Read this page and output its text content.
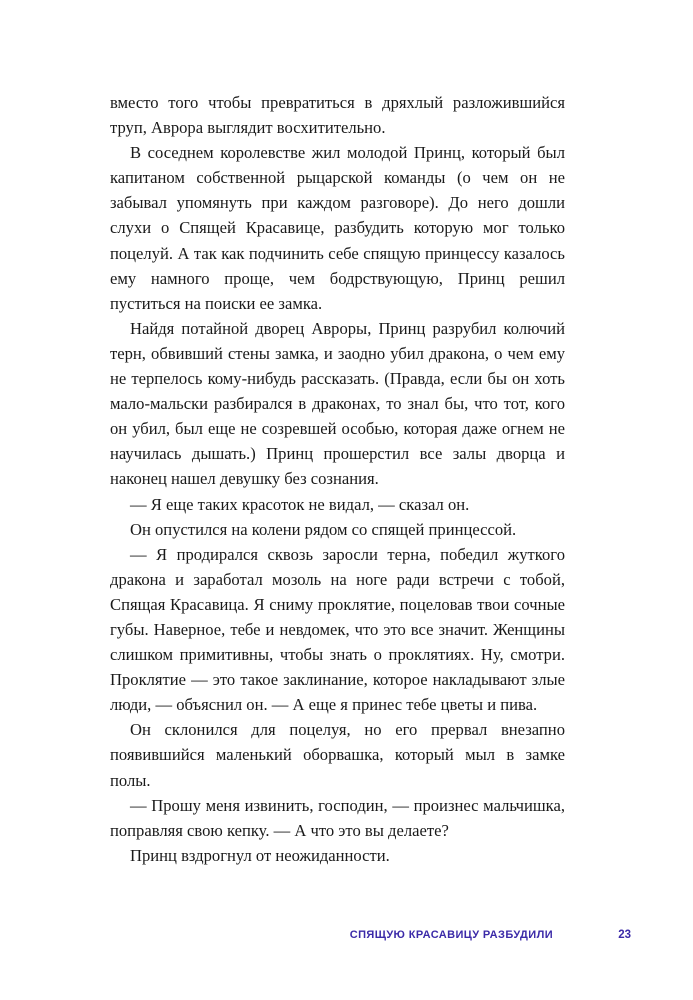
вместо того чтобы превратиться в дряхлый разложившийся труп, Аврора выглядит восхитительно.

В соседнем королевстве жил молодой Принц, который был капитаном собственной рыцарской команды (о чем он не забывал упомянуть при каждом разговоре). До него дошли слухи о Спящей Красавице, разбудить которую мог только поцелуй. А так как подчинить себе спящую принцессу казалось ему намного проще, чем бодрствующую, Принц решил пуститься на поиски ее замка.

Найдя потайной дворец Авроры, Принц разрубил колючий терн, обвивший стены замка, и заодно убил дракона, о чем ему не терпелось кому-нибудь рассказать. (Правда, если бы он хоть мало-мальски разбирался в драконах, то знал бы, что тот, кого он убил, был еще не созревшей особью, которая даже огнем не научилась дышать.) Принц прошерстил все залы дворца и наконец нашел девушку без сознания.

— Я еще таких красоток не видал, — сказал он.

Он опустился на колени рядом со спящей принцессой.

— Я продирался сквозь заросли терна, победил жуткого дракона и заработал мозоль на ноге ради встречи с тобой, Спящая Красавица. Я сниму проклятие, поцеловав твои сочные губы. Наверное, тебе и невдомек, что это все значит. Женщины слишком примитивны, чтобы знать о проклятиях. Ну, смотри. Проклятие — это такое заклинание, которое накладывают злые люди, — объяснил он. — А еще я принес тебе цветы и пива.

Он склонился для поцелуя, но его прервал внезапно появившийся маленький оборвашка, который мыл в замке полы.

— Прошу меня извинить, господин, — произнес мальчишка, поправляя свою кепку. — А что это вы делаете?

Принц вздрогнул от неожиданности.

СПЯЩУЮ КРАСАВИЦУ РАЗБУДИЛИ	23
